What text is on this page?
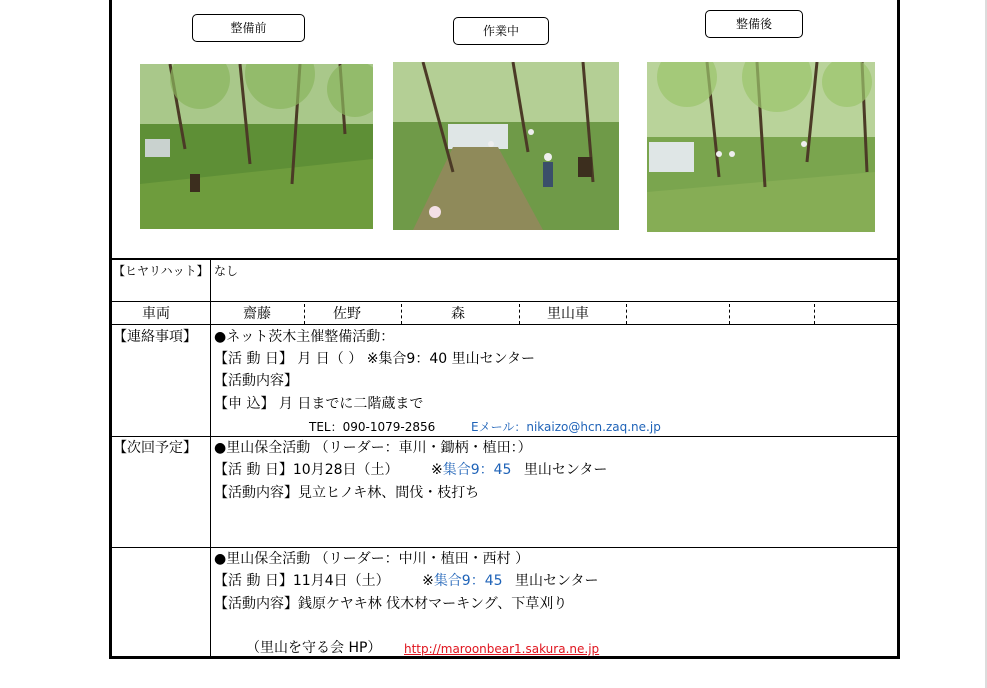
整備前	作業中	整備後
【ヒヤリハット】 なし
車両	齋藤	佐野	森	里山車
【連絡事項】 ●ネット茨木主催整備活動：
【活 動 日】 月 日（ ） ※集合9：40 里山センター
【活動内容】
【申 込】 月 日までに二階蔵まで
TEL：090-1079-2856	Eメール：nikaizo@hcn.zaq.ne.jp
【次回予定】 ●里山保全活動 （リーダー：車川・鋤柄・植田：）
【活 動 日】10月28日（土） ※集合9：45 里山センター
【活動内容】見立ヒノキ林、間伐・枝打ち
●里山保全活動 （リーダー：中川・植田・西村 ）
【活 動 日】11月4日（土） ※集合9：45 里山センター
【活動内容】銭原ケヤキ林 伐木材マーキング、下草刈り
（里山を守る会 HP） http://maroonbear1.sakura.ne.jp
